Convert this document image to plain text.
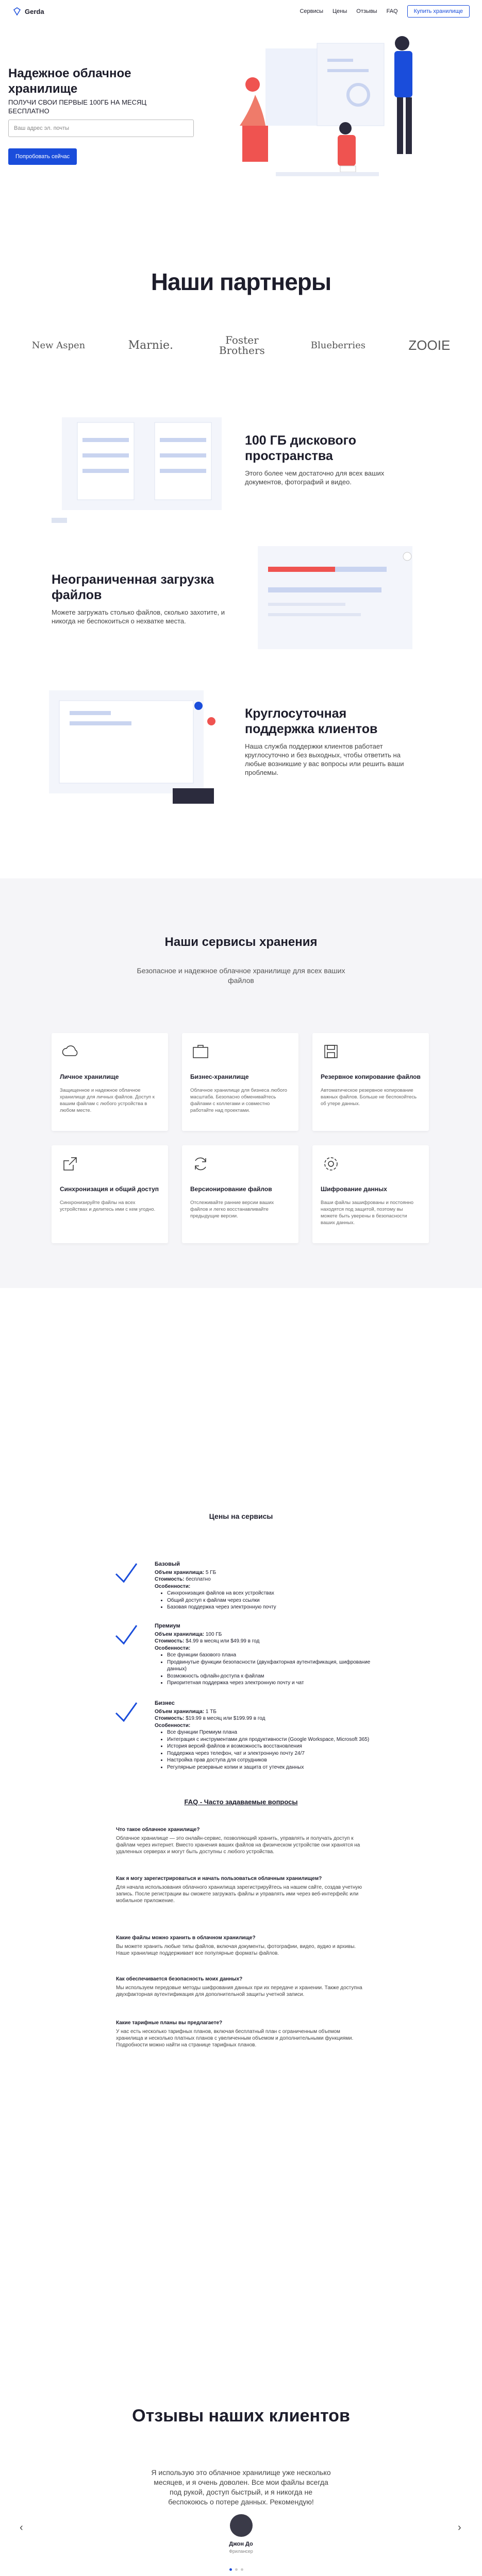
Gerda	Сервисы Цены Отзывы FAQ	Купить хранилище
Надежное облачное
хранилище
ПОЛУЧИ СВОИ ПЕРВЫЕ 100ГБ НА МЕСЯЦ
БЕСПЛАТНО
Ваш адрес эл. почты
Попробовать сейчас
Наши партнеры
New Aspen	Marnie.	Foster Brothers	Blueberries	ZOOIE
100 ГБ дискового пространства

Этого более чем достаточно для всех ваших документов, фотографий и видео.

Неограниченная загрузка файлов

Можете загружать столько файлов, сколько захотите, и никогда не беспокоиться о нехватке места.

Круглосуточная поддержка клиентов

Наша служба поддержки клиентов работает круглосуточно и без выходных, чтобы ответить на любые возникшие у вас вопросы или решить ваши проблемы.

Наши сервисы хранения
Безопасное и надежное облачное хранилище для всех ваших файлов
Личное хранилище

Защищенное и надежное облачное хранилище для личных файлов. Доступ к вашим файлам с любого устройства в любом месте.

Бизнес-хранилище

Облачное хранилище для бизнеса любого масштаба. Безопасно обменивайтесь файлами с коллегами и совместно работайте над проектами.

Резервное копирование файлов

Автоматическое резервное копирование важных файлов. Больше не беспокойтесь об утере данных.

Синхронизация и общий доступ

Синхронизируйте файлы на всех устройствах и делитесь ими с кем угодно.

Версионирование файлов

Отслеживайте ранние версии ваших файлов и легко восстанавливайте предыдущие версии.

Шифрование данных

Ваши файлы зашифрованы и постоянно находятся под защитой, поэтому вы можете быть уверены в безопасности ваших данных.

Цены на сервисы
Базовый
Объем хранилища: 5 ГБ
Стоимость: бесплатно
Особенности:
• Синхронизация файлов на всех устройствах
• Общий доступ к файлам через ссылки
• Базовая поддержка через электронную почту
Премиум
Объем хранилища: 100 ГБ
Стоимость: $4.99 в месяц или $49.99 в год
Особенности:
• Все функции базового плана
• Продвинутые функции безопасности (двухфакторная аутентификация, шифрование данных)
• Возможность офлайн-доступа к файлам
• Приоритетная поддержка через электронную почту и чат
Бизнес
Объем хранилища: 1 ТБ
Стоимость: $19.99 в месяц или $199.99 в год
Особенности:
• Все функции Премиум плана
• Интеграция с инструментами для продуктивности (Google Workspace, Microsoft 365)
• История версий файлов и возможность восстановления
• Поддержка через телефон, чат и электронную почту 24/7
• Настройка прав доступа для сотрудников
• Регулярные резервные копии и защита от утечек данных
FAQ - Часто задаваемые вопросы
Что такое облачное хранилище?
Облачное хранилище — это онлайн-сервис, позволяющий хранить, управлять и получать доступ к файлам через интернет. Вместо хранения ваших файлов на физическом устройстве они хранятся на удаленных серверах и могут быть доступны с любого устройства.
Как я могу зарегистрироваться и начать пользоваться облачным хранилищем?
Для начала использования облачного хранилища зарегистрируйтесь на нашем сайте, создав учетную запись. После регистрации вы сможете загружать файлы и управлять ими через веб-интерфейс или мобильное приложение.
Какие файлы можно хранить в облачном хранилище?
Вы можете хранить любые типы файлов, включая документы, фотографии, видео, аудио и архивы. Наше хранилище поддерживает все популярные форматы файлов.
Как обеспечивается безопасность моих данных?
Мы используем передовые методы шифрования данных при их передаче и хранении. Также доступна двухфакторная аутентификация для дополнительной защиты учетной записи.
Какие тарифные планы вы предлагаете?
У нас есть несколько тарифных планов, включая бесплатный план с ограниченным объемом хранилища и несколько платных планов с увеличенным объемом и дополнительными функциями. Подробности можно найти на странице тарифных планов.
Отзывы наших клиентов
Я использую это облачное хранилище уже несколько месяцев, и я очень доволен. Все мои файлы всегда под рукой, доступ быстрый, и я никогда не беспокоюсь о потере данных. Рекомендую!
Джон До
Фрилансер
‹	›
